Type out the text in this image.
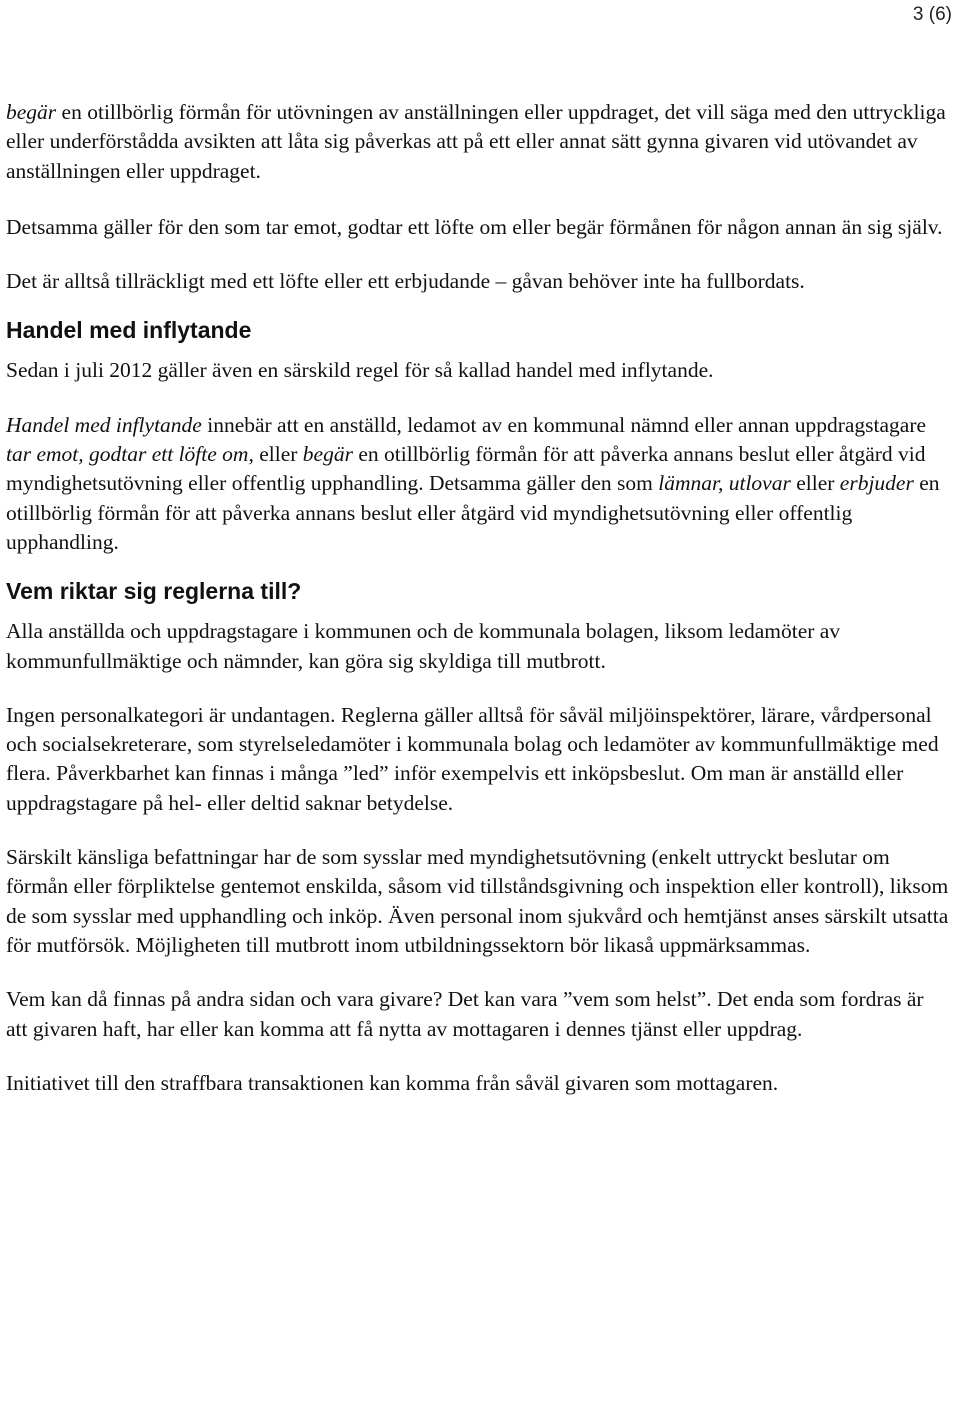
3 (6)

begär en otillbörlig förmån för utövningen av anställningen eller uppdraget, det vill säga med den uttryckliga eller underförstådda avsikten att låta sig påverkas att på ett eller annat sätt gynna givaren vid utövandet av anställningen eller uppdraget.

Detsamma gäller för den som tar emot, godtar ett löfte om eller begär förmånen för någon annan än sig själv.

Det är alltså tillräckligt med ett löfte eller ett erbjudande – gåvan behöver inte ha fullbordats.

Handel med inflytande

Sedan i juli 2012 gäller även en särskild regel för så kallad handel med inflytande.

Handel med inflytande innebär att en anställd, ledamot av en kommunal nämnd eller annan uppdragstagare tar emot, godtar ett löfte om, eller begär en otillbörlig förmån för att påverka annans beslut eller åtgärd vid myndighetsutövning eller offentlig upphandling. Detsamma gäller den som lämnar, utlovar eller erbjuder en otillbörlig förmån för att påverka annans beslut eller åtgärd vid myndighetsutövning eller offentlig upphandling.

Vem riktar sig reglerna till?

Alla anställda och uppdragstagare i kommunen och de kommunala bolagen, liksom ledamöter av kommunfullmäktige och nämnder, kan göra sig skyldiga till mutbrott.

Ingen personalkategori är undantagen. Reglerna gäller alltså för såväl miljöinspektörer, lärare, vårdpersonal och socialsekreterare, som styrelseledamöter i kommunala bolag och ledamöter av kommunfullmäktige med flera. Påverkbarhet kan finnas i många ”led” inför exempelvis ett inköpsbeslut. Om man är anställd eller uppdragstagare på hel- eller deltid saknar betydelse.

Särskilt känsliga befattningar har de som sysslar med myndighetsutövning (enkelt uttryckt beslutar om förmån eller förpliktelse gentemot enskilda, såsom vid tillståndsgivning och inspektion eller kontroll), liksom de som sysslar med upphandling och inköp. Även personal inom sjukvård och hemtjänst anses särskilt utsatta för mutförsök. Möjligheten till mutbrott inom utbildningssektorn bör likaså uppmärksammas.

Vem kan då finnas på andra sidan och vara givare? Det kan vara ”vem som helst”. Det enda som fordras är att givaren haft, har eller kan komma att få nytta av mottagaren i dennes tjänst eller uppdrag.

Initiativet till den straffbara transaktionen kan komma från såväl givaren som mottagaren.
